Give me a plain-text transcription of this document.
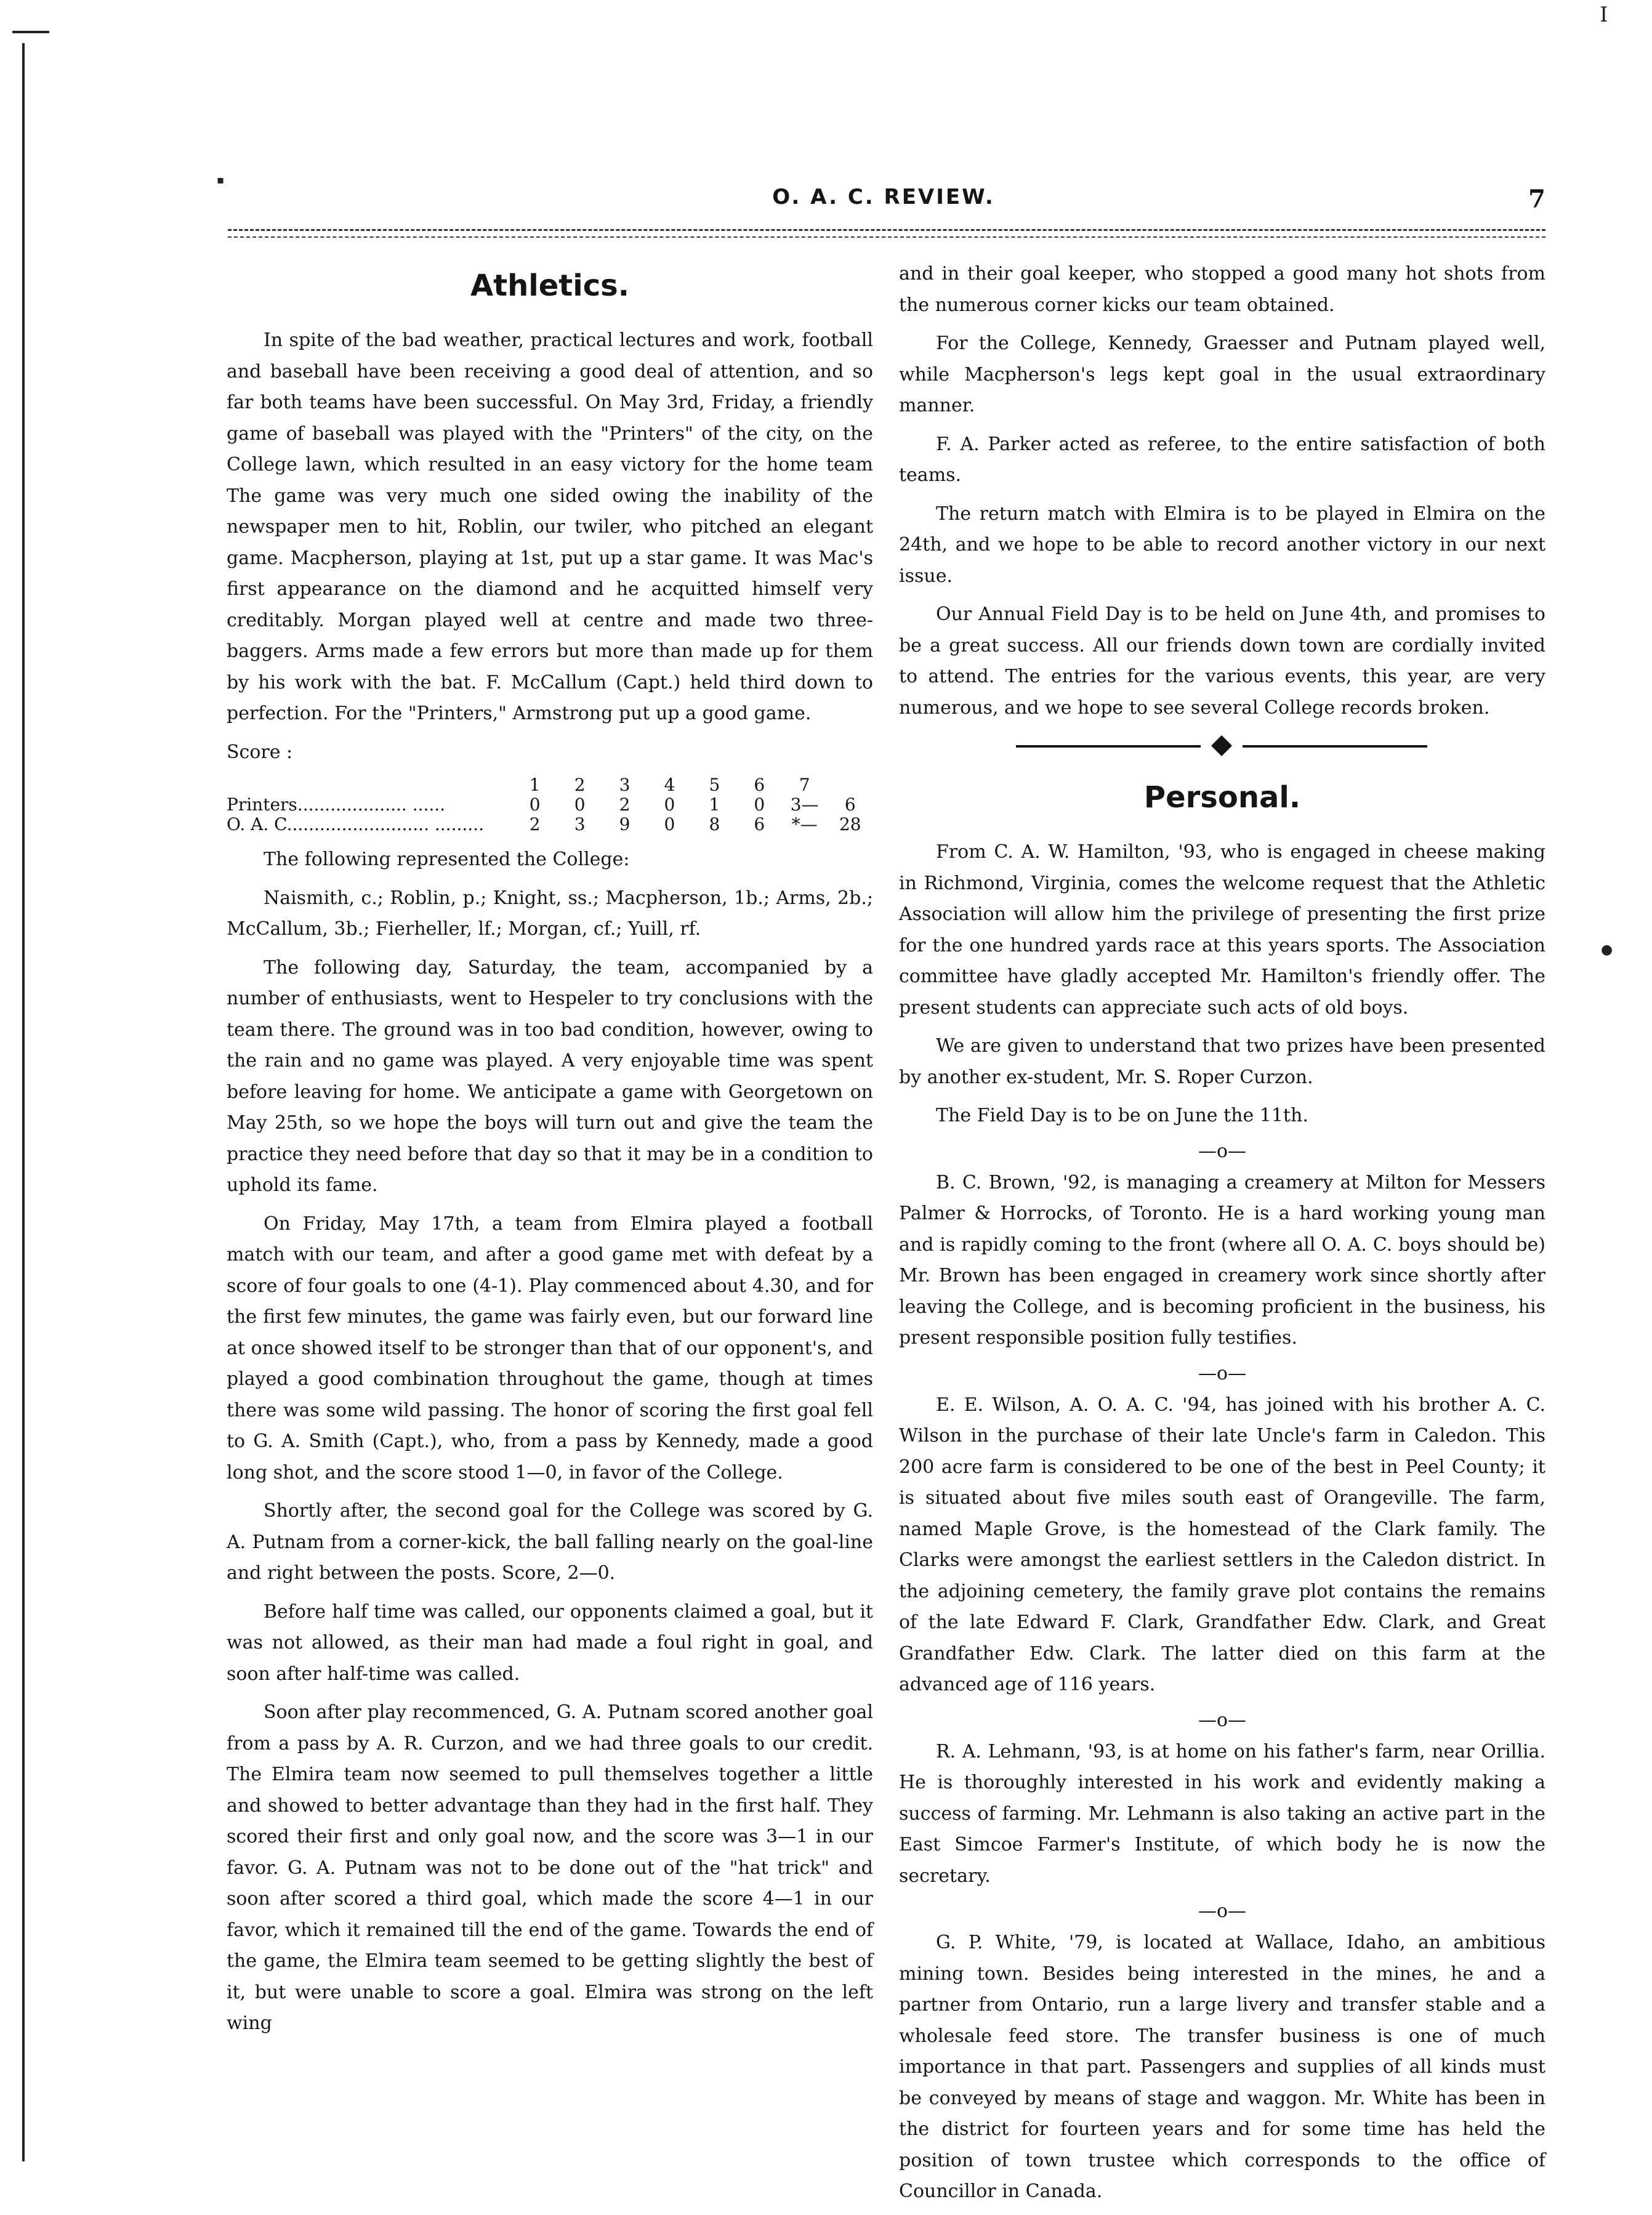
I
▪
●
O. A. C. REVIEW.	7
Athletics.

In spite of the bad weather, practical lectures and work, football and baseball have been receiving a good deal of attention, and so far both teams have been successful. On May 3rd, Friday, a friendly game of baseball was played with the "Printers" of the city, on the College lawn, which resulted in an easy victory for the home team The game was very much one sided owing the inability of the newspaper men to hit, Roblin, our twiler, who pitched an elegant game. Macpherson, playing at 1st, put up a star game. It was Mac's first appearance on the diamond and he acquitted himself very creditably. Morgan played well at centre and made two three-baggers. Arms made a few errors but more than made up for them by his work with the bat. F. McCallum (Capt.) held third down to perfection. For the "Printers," Armstrong put up a good game.

Score :

	1	2	3	4	5	6	7	
Printers.................... ......	0	0	2	0	1	0	3—	6
O. A. C.......................... .........	2	3	9	0	8	6	*—	28

The following represented the College:

Naismith, c.; Roblin, p.; Knight, ss.; Macpherson, 1b.; Arms, 2b.; McCallum, 3b.; Fierheller, lf.; Morgan, cf.; Yuill, rf.

The following day, Saturday, the team, accompanied by a number of enthusiasts, went to Hespeler to try conclusions with the team there. The ground was in too bad condition, however, owing to the rain and no game was played. A very enjoyable time was spent before leaving for home. We anticipate a game with Georgetown on May 25th, so we hope the boys will turn out and give the team the practice they need before that day so that it may be in a condition to uphold its fame.

On Friday, May 17th, a team from Elmira played a football match with our team, and after a good game met with defeat by a score of four goals to one (4-1). Play commenced about 4.30, and for the first few minutes, the game was fairly even, but our forward line at once showed itself to be stronger than that of our opponent's, and played a good combination throughout the game, though at times there was some wild passing. The honor of scoring the first goal fell to G. A. Smith (Capt.), who, from a pass by Kennedy, made a good long shot, and the score stood 1—0, in favor of the College.

Shortly after, the second goal for the College was scored by G. A. Putnam from a corner-kick, the ball falling nearly on the goal-line and right between the posts. Score, 2—0.

Before half time was called, our opponents claimed a goal, but it was not allowed, as their man had made a foul right in goal, and soon after half-time was called.

Soon after play recommenced, G. A. Putnam scored another goal from a pass by A. R. Curzon, and we had three goals to our credit. The Elmira team now seemed to pull themselves together a little and showed to better advantage than they had in the first half. They scored their first and only goal now, and the score was 3—1 in our favor. G. A. Putnam was not to be done out of the "hat trick" and soon after scored a third goal, which made the score 4—1 in our favor, which it remained till the end of the game. Towards the end of the game, the Elmira team seemed to be getting slightly the best of it, but were unable to score a goal. Elmira was strong on the left wing

and in their goal keeper, who stopped a good many hot shots from the numerous corner kicks our team obtained.

For the College, Kennedy, Graesser and Putnam played well, while Macpherson's legs kept goal in the usual extraordinary manner.

F. A. Parker acted as referee, to the entire satisfaction of both teams.

The return match with Elmira is to be played in Elmira on the 24th, and we hope to be able to record another victory in our next issue.

Our Annual Field Day is to be held on June 4th, and promises to be a great success. All our friends down town are cordially invited to attend. The entries for the various events, this year, are very numerous, and we hope to see several College records broken.

Personal.

From C. A. W. Hamilton, '93, who is engaged in cheese making in Richmond, Virginia, comes the welcome request that the Athletic Association will allow him the privilege of presenting the first prize for the one hundred yards race at this years sports. The Association committee have gladly accepted Mr. Hamilton's friendly offer. The present students can appreciate such acts of old boys.

We are given to understand that two prizes have been presented by another ex-student, Mr. S. Roper Curzon.

The Field Day is to be on June the 11th.

—o—

B. C. Brown, '92, is managing a creamery at Milton for Messers Palmer & Horrocks, of Toronto. He is a hard working young man and is rapidly coming to the front (where all O. A. C. boys should be) Mr. Brown has been engaged in creamery work since shortly after leaving the College, and is becoming proficient in the business, his present responsible position fully testifies.

—o—

E. E. Wilson, A. O. A. C. '94, has joined with his brother A. C. Wilson in the purchase of their late Uncle's farm in Caledon. This 200 acre farm is considered to be one of the best in Peel County; it is situated about five miles south east of Orangeville. The farm, named Maple Grove, is the homestead of the Clark family. The Clarks were amongst the earliest settlers in the Caledon district. In the adjoining cemetery, the family grave plot contains the remains of the late Edward F. Clark, Grandfather Edw. Clark, and Great Grandfather Edw. Clark. The latter died on this farm at the advanced age of 116 years.

—o—

R. A. Lehmann, '93, is at home on his father's farm, near Orillia. He is thoroughly interested in his work and evidently making a success of farming. Mr. Lehmann is also taking an active part in the East Simcoe Farmer's Institute, of which body he is now the secretary.

—o—

G. P. White, '79, is located at Wallace, Idaho, an ambitious mining town. Besides being interested in the mines, he and a partner from Ontario, run a large livery and transfer stable and a wholesale feed store. The transfer business is one of much importance in that part. Passengers and supplies of all kinds must be conveyed by means of stage and waggon. Mr. White has been in the district for fourteen years and for some time has held the position of town trustee which corresponds to the office of Councillor in Canada.
